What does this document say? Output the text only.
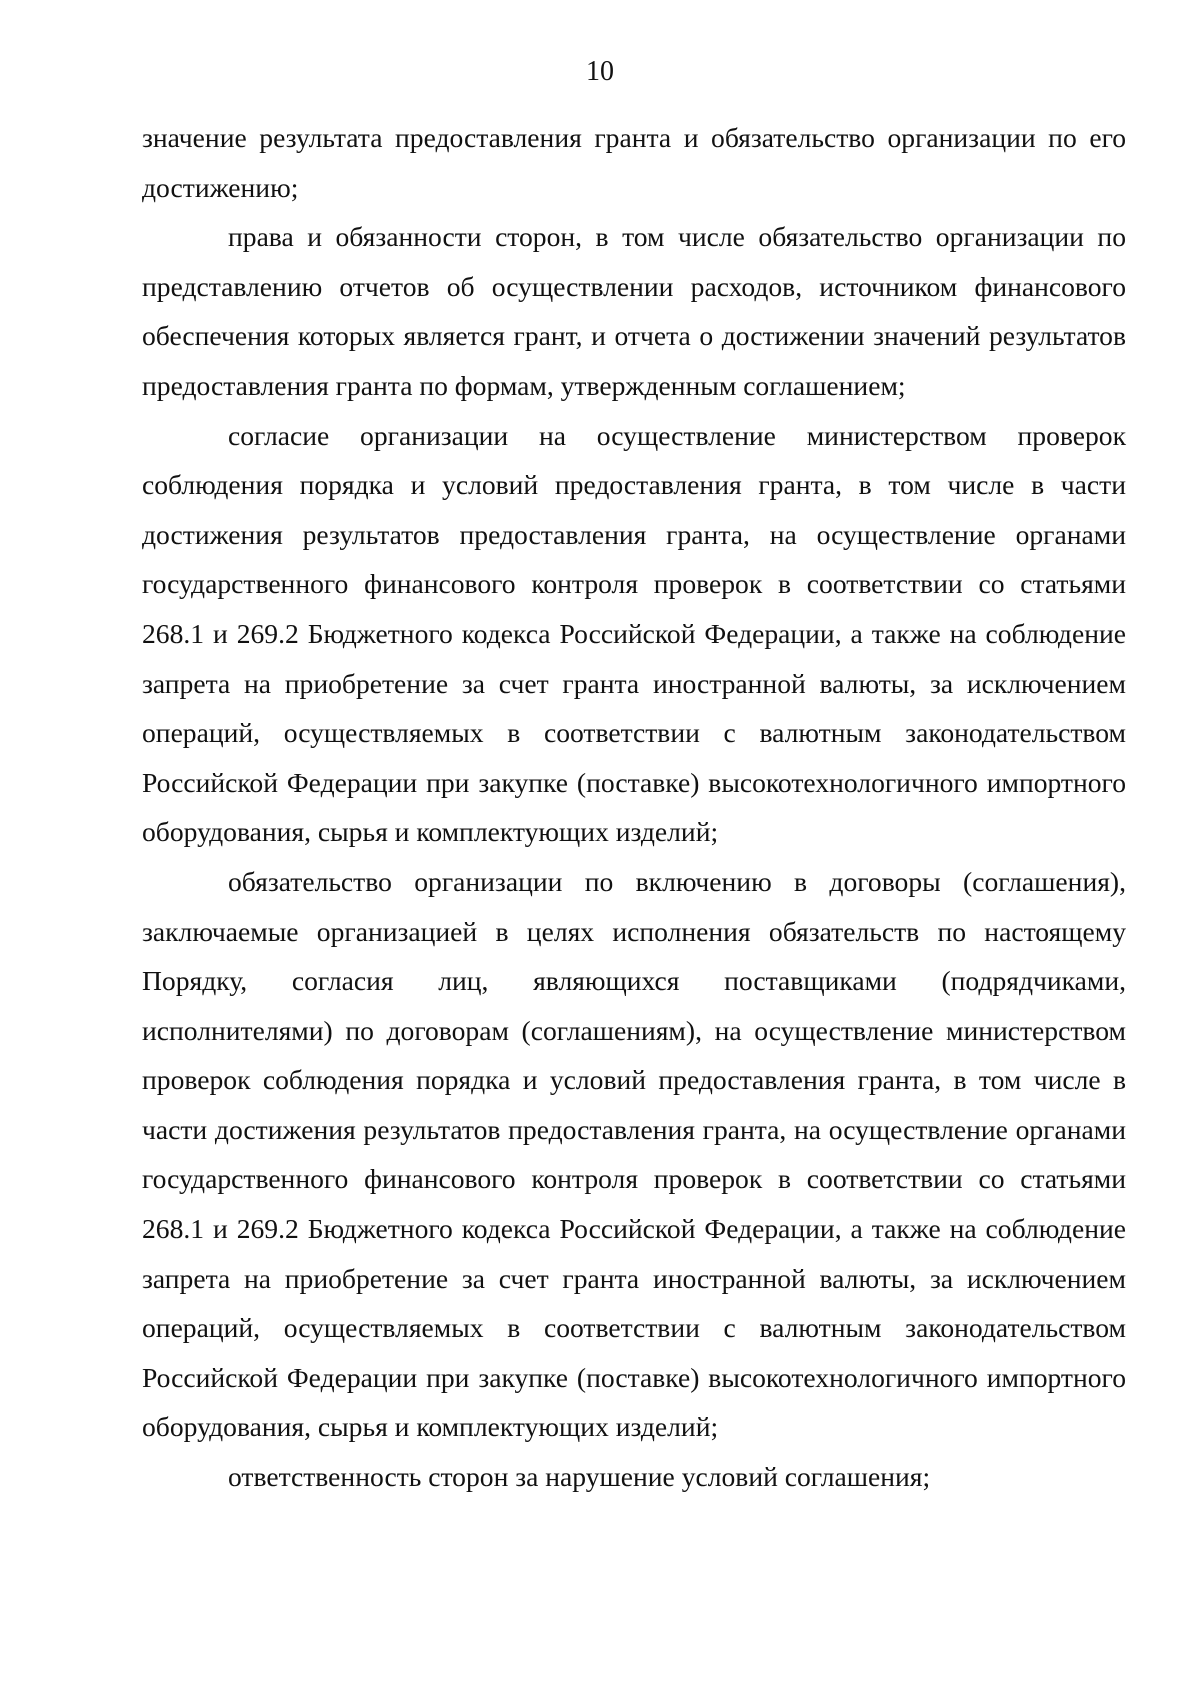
10

значение результата предоставления гранта и обязательство организации по его достижению;

права и обязанности сторон, в том числе обязательство организации по представлению отчетов об осуществлении расходов, источником финансового обеспечения которых является грант, и отчета о достижении значений результатов предоставления гранта по формам, утвержденным соглашением;

согласие организации на осуществление министерством проверок соблюдения порядка и условий предоставления гранта, в том числе в части достижения результатов предоставления гранта, на осуществление органами государственного финансового контроля проверок в соответствии со статьями 268.1 и 269.2 Бюджетного кодекса Российской Федерации, а также на соблюдение запрета на приобретение за счет гранта иностранной валюты, за исключением операций, осуществляемых в соответствии с валютным законодательством Российской Федерации при закупке (поставке) высокотехнологичного импортного оборудования, сырья и комплектующих изделий;

обязательство организации по включению в договоры (соглашения), заключаемые организацией в целях исполнения обязательств по настоящему Порядку, согласия лиц, являющихся поставщиками (подрядчиками, исполнителями) по договорам (соглашениям), на осуществление министерством проверок соблюдения порядка и условий предоставления гранта, в том числе в части достижения результатов предоставления гранта, на осуществление органами государственного финансового контроля проверок в соответствии со статьями 268.1 и 269.2 Бюджетного кодекса Российской Федерации, а также на соблюдение запрета на приобретение за счет гранта иностранной валюты, за исключением операций, осуществляемых в соответствии с валютным законодательством Российской Федерации при закупке (поставке) высокотехнологичного импортного оборудования, сырья и комплектующих изделий;

ответственность сторон за нарушение условий соглашения;
